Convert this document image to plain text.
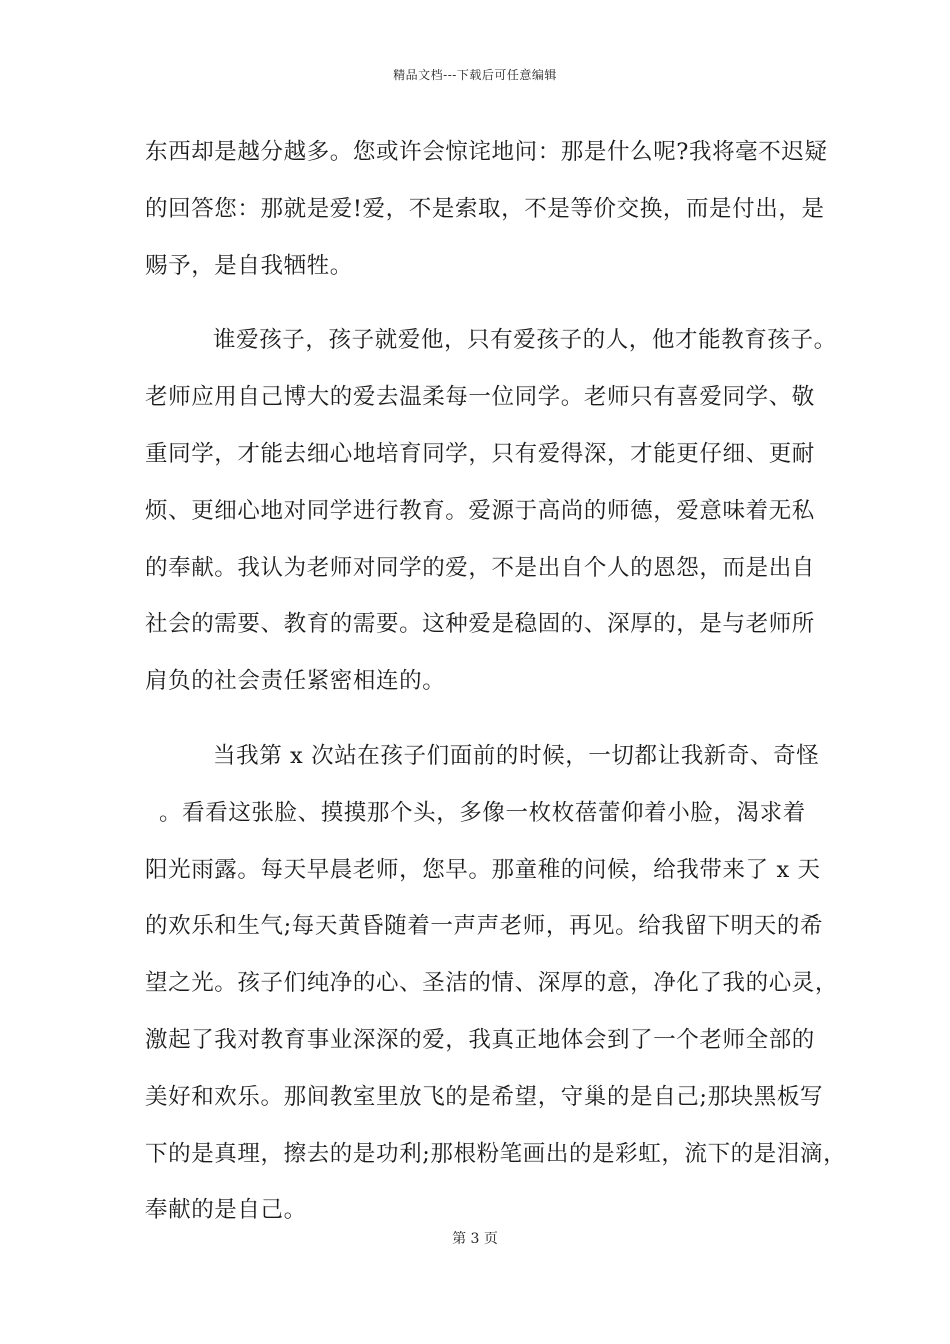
精品文档---下载后可任意编辑
东西却是越分越多。您或许会惊诧地问：那是什么呢?我将毫不迟疑
的回答您：那就是爱!爱，不是索取，不是等价交换，而是付出，是
赐予，是自我牺牲。
谁爱孩子，孩子就爱他，只有爱孩子的人，他才能教育孩子。
老师应用自己博大的爱去温柔每一位同学。老师只有喜爱同学、敬
重同学，才能去细心地培育同学，只有爱得深，才能更仔细、更耐
烦、更细心地对同学进行教育。爱源于高尚的师德，爱意味着无私
的奉献。我认为老师对同学的爱，不是出自个人的恩怨，而是出自
社会的需要、教育的需要。这种爱是稳固的、深厚的，是与老师所
肩负的社会责任紧密相连的。
当我第 x 次站在孩子们面前的时候，一切都让我新奇、奇怪
。看看这张脸、摸摸那个头，多像一枚枚蓓蕾仰着小脸，渴求着
阳光雨露。每天早晨老师，您早。那童稚的问候，给我带来了 x 天
的欢乐和生气;每天黄昏随着一声声老师，再见。给我留下明天的希
望之光。孩子们纯净的心、圣洁的情、深厚的意，净化了我的心灵，
激起了我对教育事业深深的爱，我真正地体会到了一个老师全部的
美好和欢乐。那间教室里放飞的是希望，守巢的是自己;那块黑板写
下的是真理，擦去的是功利;那根粉笔画出的是彩虹，流下的是泪滴，
奉献的是自己。
第 3 页
